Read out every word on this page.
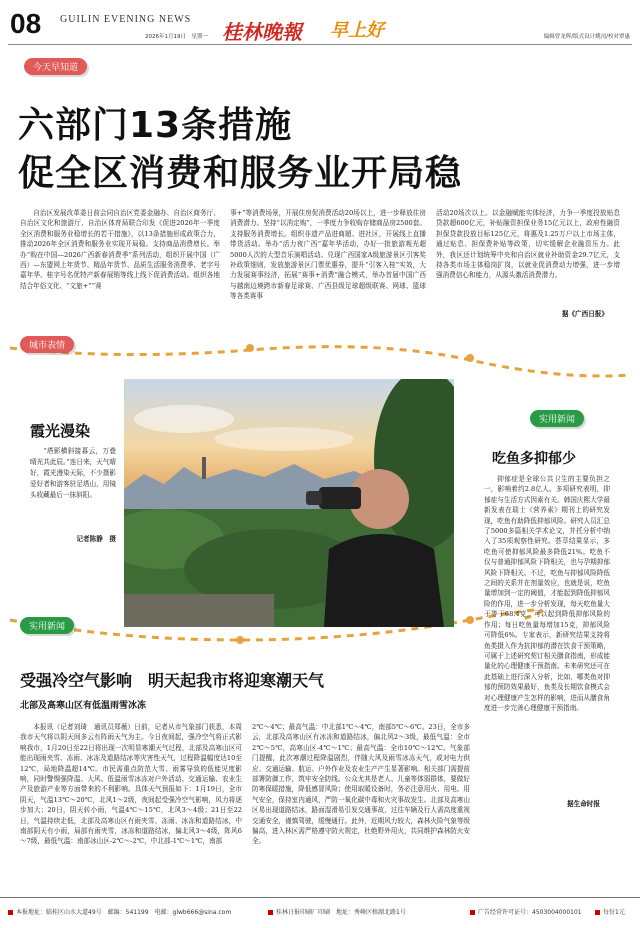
08 GUILIN EVENING NEWS
2026年1月19日　星期一 桂林晚報 早上好	编辑曾龙晖/版式设计姚闰/校对覃惠
今天早知道
六部门13条措施
促全区消费和服务业开局稳

自治区发展改革委日前会同自治区党委金融办、自治区商务厅、自治区文化和旅游厅、自治区体育局联合印发《促进2026年一季度全区消费和服务业稳增长的若干措施》，以13条措施形成政策合力，推动2026年全区消费和服务业实现开局稳。支持商品消费增长。举办“购在中国—2026广西新春消费季”系列活动，组织开展中国（广西）—东盟网上年货节、精品年货节、品质生活服务消费季、老字号嘉年华、桂字号名优特产新春展销等线上线下促消费活动。组织各地结合年俗文化、“文旅+”“赛

事+”等消费场景，开展住房促消费活动20场以上，进一步释放住房消费潜力。坚持“以消定购”，一季度力争收购存储商品房2500套。支持服务消费增长。组织非遗产品进商超、进社区，开展线上直播带货活动。举办“活力夜广西”嘉年华活动，办好一批旅游观光超5000人次的大型音乐演唱活动。兑现广西国家A级旅游景区引客奖补政策细则，发放旅游景区门票优惠券，提升“引客入桂”实效，大力发展赛事经济，拓展“赛事+消费”融合模式，举办首届中国广西与越南边境跨市新春足球赛、广西县级足球超级联赛、网球、篮球等各类赛事

活动20场次以上。以金融赋能实体经济，力争一季度投放贴息贷款超600亿元，补贴融资担保业务15亿元以上，政府性融资担保贷款投放目标125亿元，将惠及1.25万户以上市场主体，通过贴息、担保费补贴等政策，切实缓解企业融资压力。此外，我区还计划统筹中央和自治区就业补助资金29.7亿元，支持各类市场主体稳岗扩岗，以就业促消费动力增强，进一步增强消费信心和能力，从源头激活消费潜力。

据《广西日报》
城市表情
霞光漫染

“塔影横斜接暮云，万叠晴光共此辰。”连日来，天气晴好，霞光漫染天际，不少摄影爱好者和游客驻足塔山，用镜头收藏最后一抹斜阳。

记者陈静　摄
实用新闻
吃鱼多抑郁少

抑郁症是全球公共卫生的主要负担之一，影响着约2.8亿人。多项研究表明，抑郁症与生活方式因素有关。韩国庆熙大学最新发表在瑞士《营养素》期刊上的研究发现，吃鱼有助降低抑郁风险。研究人员汇总了5000多篇相关学术论文，并托分析中纳入了35项观察性研究。荟萃结果显示，多吃鱼可使抑郁风险最多降低21%。吃鱼不仅与普通抑郁风险下降相关，也与孕期抑郁风险下降相关。不过，吃鱼与抑郁风险降低之间的关系并在剂量效应，也就是说，吃鱼量增加到一定的阈值，才能起到降低抑郁风险的作用，进一步分析发现，每天吃鱼量大于等于68.4克，可以起到降低抑郁风险的作用；每日吃鱼量每增加15克，抑郁风险可降低6%。专家表示，新研究结果支持将鱼类摄入作为抗抑郁的潜在饮食干预策略，可属于上述研究契订相关膳食指南，形成能量化的心理健康干预指南。未来研究还可在此基础上进行深入分析，比如，哪类鱼对抑郁的预防效果最好，鱼类及长期饮食模式会对心理健康产生怎样的影响，进而从膳食角度进一步完善心理健康干预指南。

据生命时报
实用新闻
受强冷空气影响　明天起我市将迎寒潮天气
北部及高寒山区有低温雨雪冰冻

本报讯（记者刘琦　通讯员郑薇）日前，记者从市气象部门获悉，本周我市天气将以阴天间多云有阵雨天气为主。今日夜间起，强冷空气将正式影响我市，1月20日至22日将出现一次明显寒潮天气过程，北部及高寒山区可能出现雨夹雪、冻雨、冰冻及道路结冰等灾害性天气，过程降温幅度达10至12℃，局地降温超14℃。市民需重点防范大雪、雨雾导致的低能见度影响，同时警惕强降温、大风、低温雨雪冰冻对户外活动、交通运输、农业生产及旅游产业等方面带来的不利影响。具体天气预报如下：1月19日，全市阴天，气温13℃～20℃，北风1～2级，夜间起受强冷空气影响，风力将逐步加大；20日，阴天转小雨，气温4℃～15℃，北风3～4级；21日至22日，气温持续走低，北部及高寒山区有雨夹雪、冻雨、冰冻和道路结冰，中南部阴天有小雨，局部有雨夹雪，冰冻和道路结冰，偏北风3～4级，阵风6～7级，最低气温：南部冰山区-2℃～-2℃，中北部-1℃～1℃，南部

2℃～4℃；最高气温：中北部1℃～4℃，南部5℃～6℃。23日，全市多云，北部及高寒山区有冰冻和道路结冰，偏北风2～3级，最低气温：全市2℃～5℃，高寒山区-4℃～1℃；最高气温：全市10℃～12℃。气象部门提醒，此次寒潮过程降温剧烈，伴随大风及雨雪冰冻天气，或对电力供应、交通运输、航运、户外作业及农业生产产生显著影响。相关部门需提前部署防御工作，筑牢安全防线。公众尤其是老人、儿童等体弱群体，要做好防寒保暖措施，降低感冒风险；使用取暖设备时，务必注意用火、用电、用气安全，保持室内通风，严防一氧化碳中毒和火灾事故发生。北部及高寒山区易出现道路结冰，路面湿滑易引发交通事故，过往车辆及行人需高度重视交通安全，谨慎驾驶，缓慢通行。此外，近期风力较大，森林火险气象等级偏高，进入林区需严格遵守防火规定，杜绝野外用火，共同维护森林防火安全。

本报地址：临桂区山水大道49号　邮编：541199　电邮：glwb666@sina.com	桂林日报印刷厂印刷　地址：秀峰区榕湖北路1号	广告经营许可证号：4503004000101	每份1元
